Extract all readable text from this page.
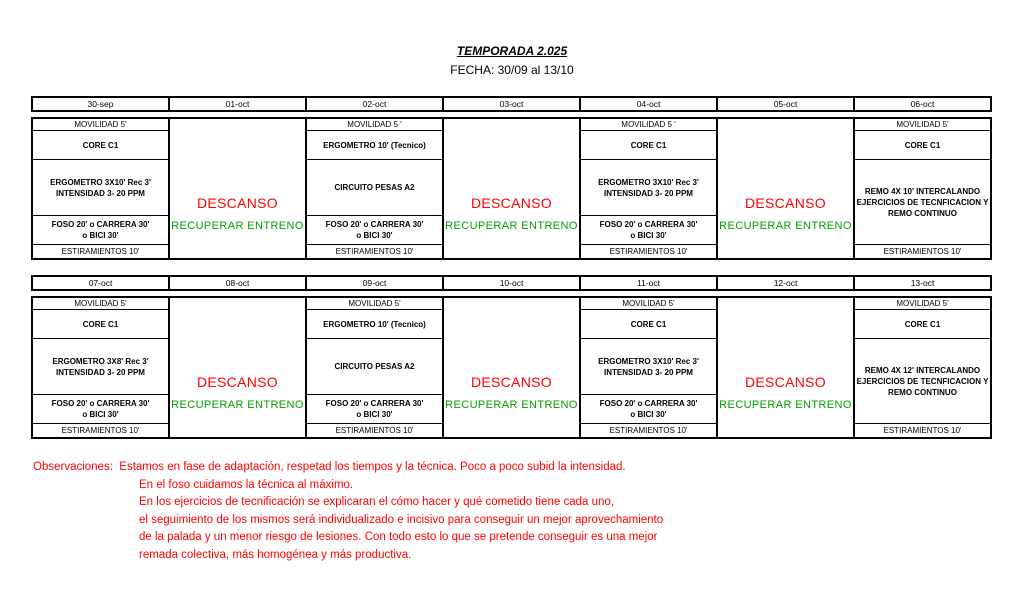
TEMPORADA 2.025
FECHA: 30/09 al 13/10
30-sep	01-oct	02-oct	03-oct	04-oct	05-oct	06-oct
MOVILIDAD 5'
CORE C1
ERGOMETRO 3X10' Rec 3'
INTENSIDAD 3- 20 PPM
FOSO 20' o CARRERA 30'
o BICI 30'
ESTIRAMIENTOS 10'
DESCANSO
RECUPERAR ENTRENO
MOVILIDAD 5 '
ERGOMETRO 10' (Tecnico)
CIRCUITO PESAS A2
FOSO 20' o CARRERA 30'
o BICI 30'
ESTIRAMIENTOS 10'
DESCANSO
RECUPERAR ENTRENO
MOVILIDAD 5 '
CORE C1
ERGOMETRO 3X10' Rec 3'
INTENSIDAD 3- 20 PPM
FOSO 20' o CARRERA 30'
o BICI 30'
ESTIRAMIENTOS 10'
DESCANSO
RECUPERAR ENTRENO
MOVILIDAD 5'
CORE C1
REMO 4X 10' INTERCALANDO
EJERCICIOS DE TECNFICACION Y
REMO CONTINUO
ESTIRAMIENTOS 10'
07-oct	08-oct	09-oct	10-oct	11-oct	12-oct	13-oct
MOVILIDAD 5'
CORE C1
ERGOMETRO 3X8' Rec 3'
INTENSIDAD 3- 20 PPM
FOSO 20' o CARRERA 30'
o BICI 30'
ESTIRAMIENTOS 10'
DESCANSO
RECUPERAR ENTRENO
MOVILIDAD 5'
ERGOMETRO 10' (Tecnico)
CIRCUITO PESAS A2
FOSO 20' o CARRERA 30'
o BICI 30'
ESTIRAMIENTOS 10'
DESCANSO
RECUPERAR ENTRENO
MOVILIDAD 5'
CORE C1
ERGOMETRO 3X10' Rec 3'
INTENSIDAD 3- 20 PPM
FOSO 20' o CARRERA 30'
o BICI 30'
ESTIRAMIENTOS 10'
DESCANSO
RECUPERAR ENTRENO
MOVILIDAD 5'
CORE C1
REMO 4X 12' INTERCALANDO
EJERCICIOS DE TECNFICACION Y
REMO CONTINUO
ESTIRAMIENTOS 10'
Observaciones: Estamos en fase de adaptación, respetad los tiempos y la técnica. Poco a poco subid la intensidad.
En el foso cuidamos la técnica al máximo.
En los ejercicios de tecnificación se explicaran el cómo hacer y qué cometido tiene cada uno,
el seguimiento de los mismos será individualizado e incisivo para conseguir un mejor aprovechamiento
de la palada y un menor riesgo de lesiones. Con todo esto lo que se pretende conseguir es una mejor
remada colectiva, más homogénea y más productiva.
